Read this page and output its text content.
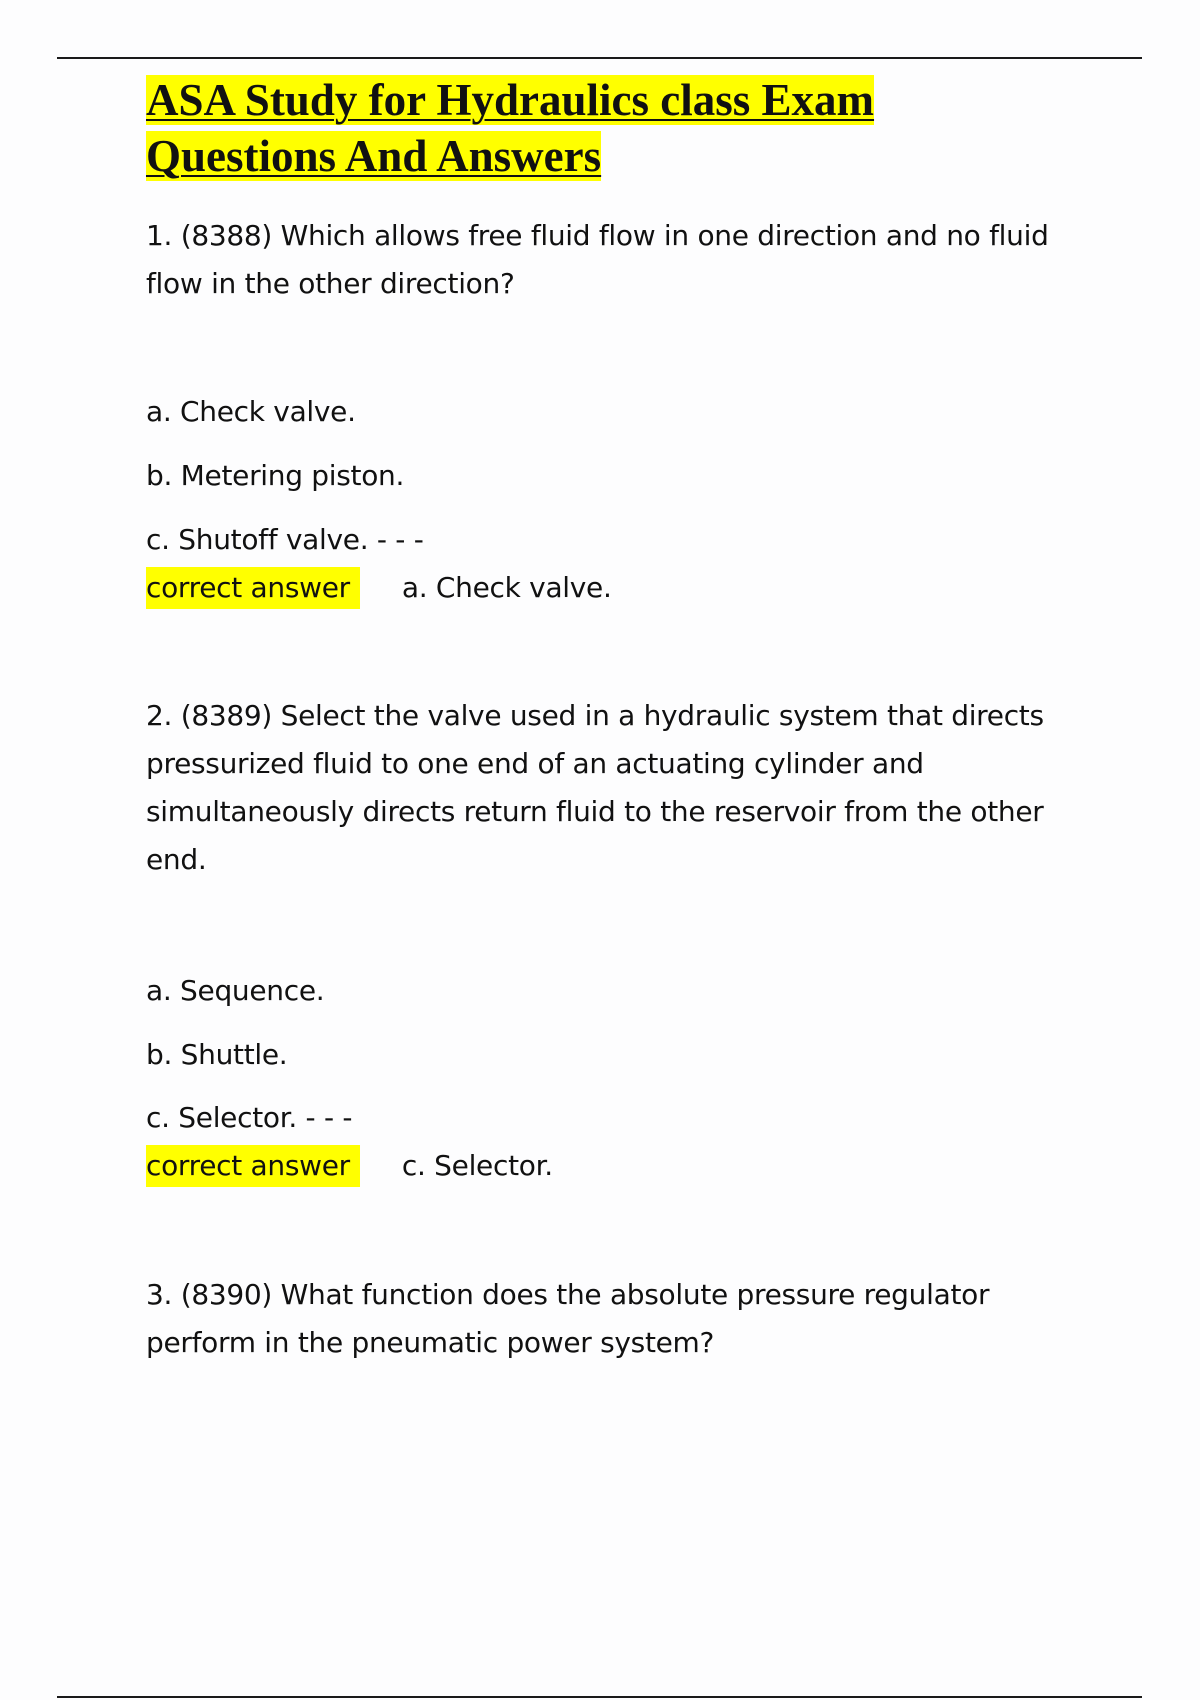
ASA Study for Hydraulics class Exam
Questions And Answers

1. (8388) Which allows free fluid flow in one direction and no fluid flow in the other direction?

a. Check valve.

b. Metering piston.

c. Shutoff valve. - - -

correct answer	a. Check valve.

2. (8389) Select the valve used in a hydraulic system that directs pressurized fluid to one end of an actuating cylinder and simultaneously directs return fluid to the reservoir from the other end.

a. Sequence.

b. Shuttle.

c. Selector. - - -

correct answer	c. Selector.

3. (8390) What function does the absolute pressure regulator perform in the pneumatic power system?
